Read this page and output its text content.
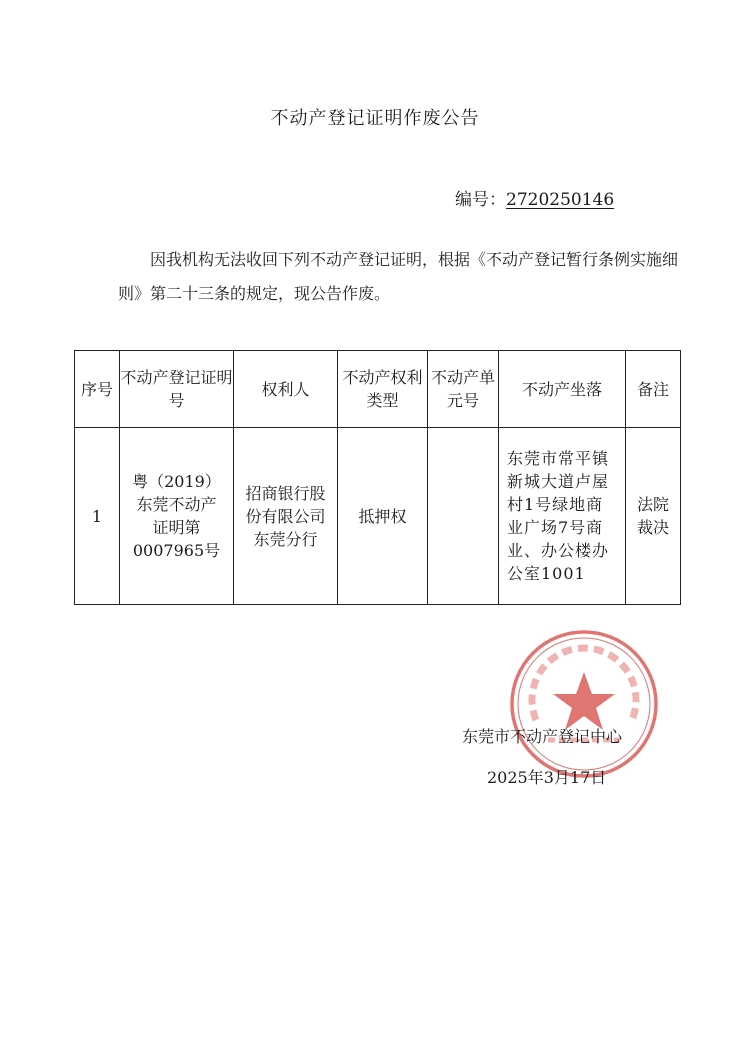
不动产登记证明作废公告
编号：2720250146
因我机构无法收回下列不动产登记证明，根据《不动产登记暂行条例实施细则》第二十三条的规定，现公告作废。
序号	不动产登记证明号	权利人	不动产权利类型	不动产单元号	不动产坐落	备注
1	粤（2019）东莞不动产证明第0007965号	招商银行股份有限公司东莞分行	抵押权		东莞市常平镇新城大道卢屋村1号绿地商业广场7号商业、办公楼办公室1001	法院裁决
东莞市不动产登记中心
2025年3月17日
